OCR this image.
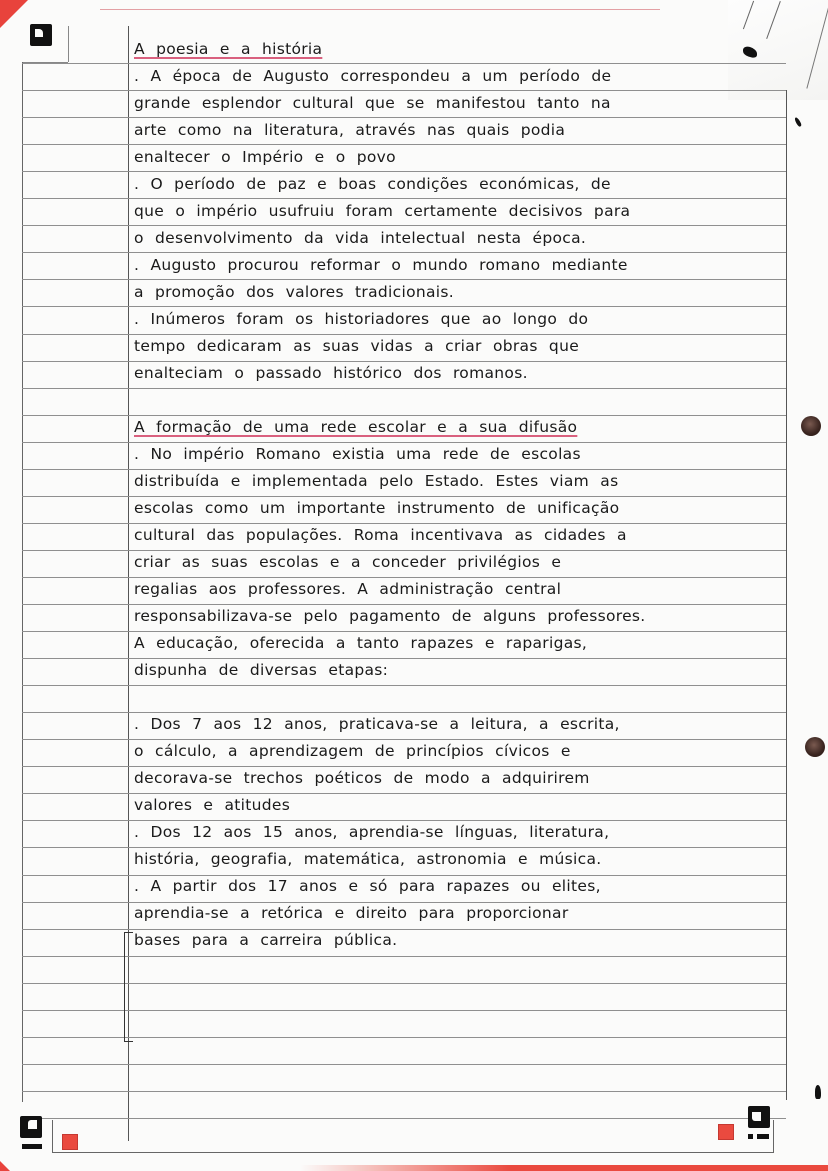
A poesia e a história
. A época de Augusto correspondeu a um período de
grande esplendor cultural que se manifestou tanto na
arte como na literatura, através nas quais podia
enaltecer o Império e o povo
. O período de paz e boas condições económicas, de
que o império usufruiu foram certamente decisivos para
o desenvolvimento da vida intelectual nesta época.
. Augusto procurou reformar o mundo romano mediante
a promoção dos valores tradicionais.
. Inúmeros foram os historiadores que ao longo do
tempo dedicaram as suas vidas a criar obras que
enalteciam o passado histórico dos romanos.
A formação de uma rede escolar e a sua difusão
. No império Romano existia uma rede de escolas
distribuída e implementada pelo Estado. Estes viam as
escolas como um importante instrumento de unificação
cultural das populações. Roma incentivava as cidades a
criar as suas escolas e a conceder privilégios e
regalias aos professores. A administração central
responsabilizava-se pelo pagamento de alguns professores.
A educação, oferecida a tanto rapazes e raparigas,
dispunha de diversas etapas:
. Dos 7 aos 12 anos, praticava-se a leitura, a escrita,
o cálculo, a aprendizagem de princípios cívicos e
decorava-se trechos poéticos de modo a adquirirem
valores e atitudes
. Dos 12 aos 15 anos, aprendia-se línguas, literatura,
história, geografia, matemática, astronomia e música.
. A partir dos 17 anos e só para rapazes ou elites,
aprendia-se a retórica e direito para proporcionar
bases para a carreira pública.
